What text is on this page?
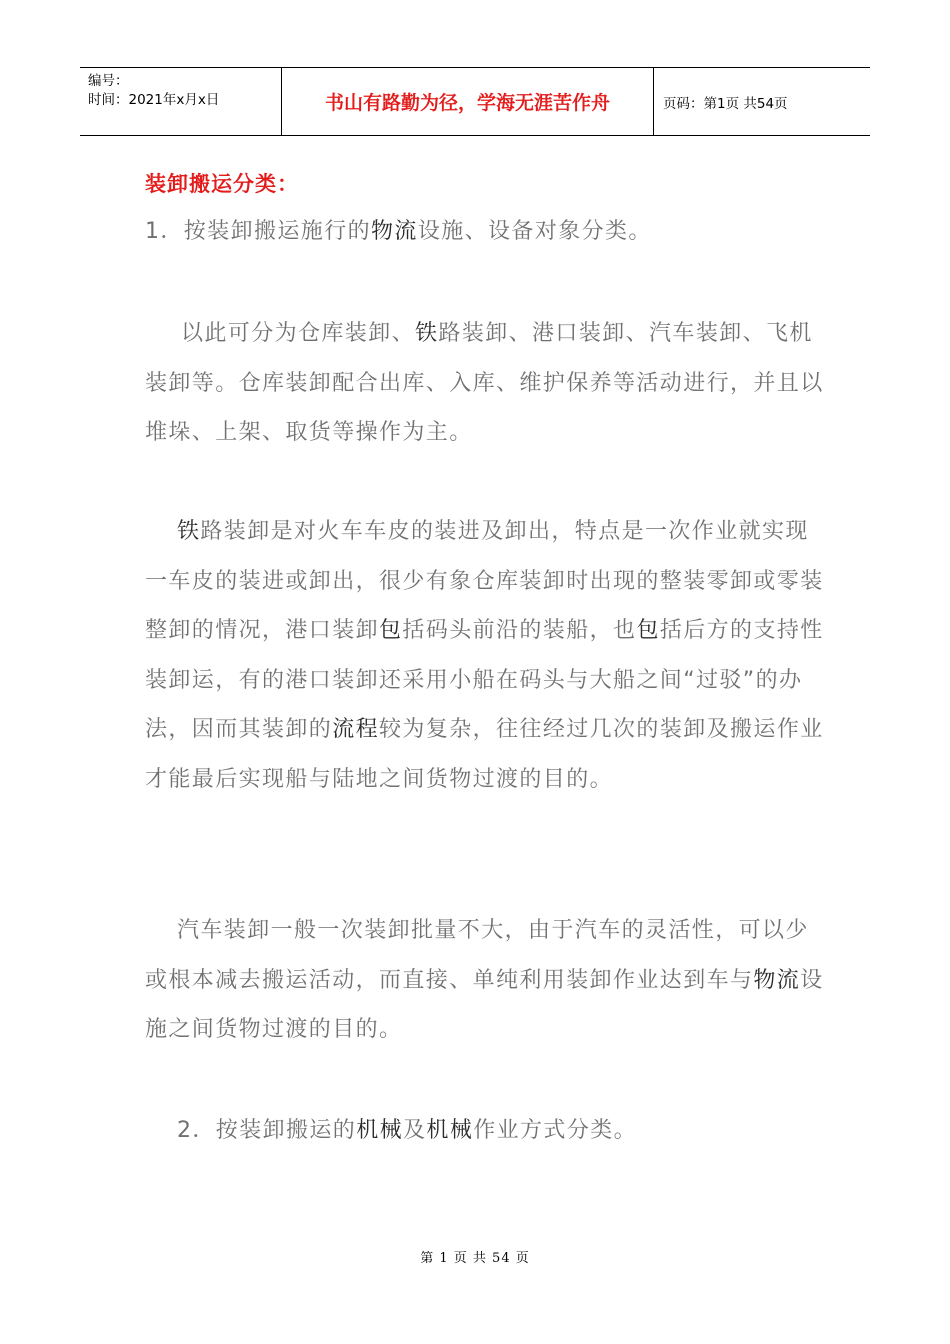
编号：
时间：2021年x月x日	书山有路勤为径，学海无涯苦作舟	页码：第1页 共54页
装卸搬运分类：

1．按装卸搬运施行的物流设施、设备对象分类。

以此可分为仓库装卸、铁路装卸、港口装卸、汽车装卸、飞机装卸等。仓库装卸配合出库、入库、维护保养等活动进行，并且以堆垛、上架、取货等操作为主。

铁路装卸是对火车车皮的装进及卸出，特点是一次作业就实现一车皮的装进或卸出，很少有象仓库装卸时出现的整装零卸或零装整卸的情况，港口装卸包括码头前沿的装船，也包括后方的支持性装卸运，有的港口装卸还采用小船在码头与大船之间“过驳”的办法，因而其装卸的流程较为复杂，往往经过几次的装卸及搬运作业才能最后实现船与陆地之间货物过渡的目的。

汽车装卸一般一次装卸批量不大，由于汽车的灵活性，可以少或根本减去搬运活动，而直接、单纯利用装卸作业达到车与物流设施之间货物过渡的目的。

2．按装卸搬运的机械及机械作业方式分类。

第 1 页 共 54 页
